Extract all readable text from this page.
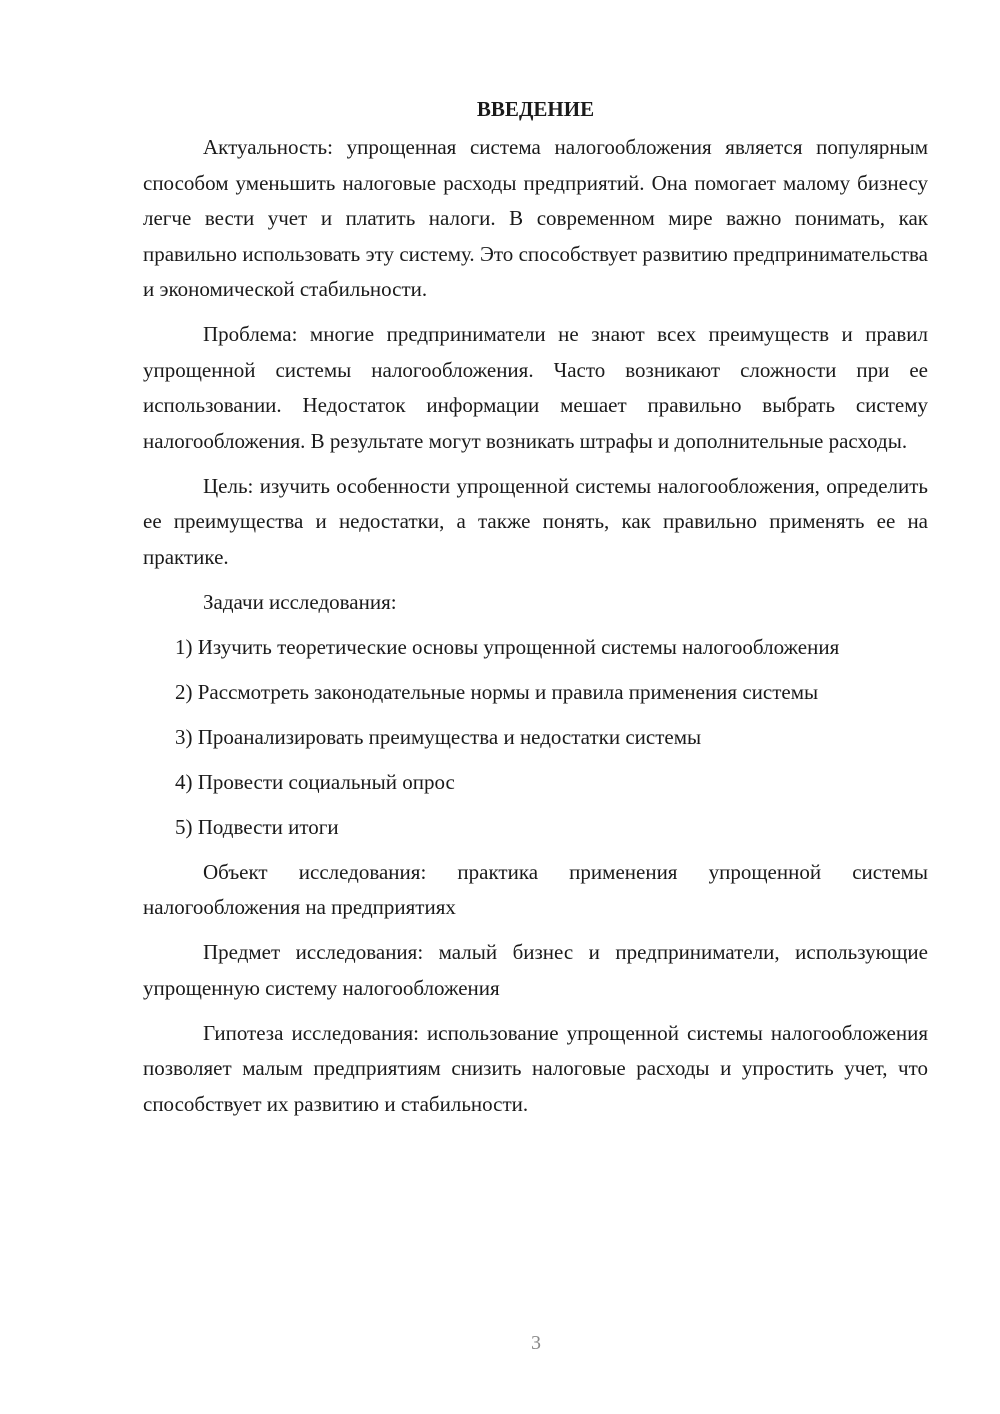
ВВЕДЕНИЕ

Актуальность: упрощенная система налогообложения является популярным способом уменьшить налоговые расходы предприятий. Она помогает малому бизнесу легче вести учет и платить налоги. В современном мире важно понимать, как правильно использовать эту систему. Это способствует развитию предпринимательства и экономической стабильности.

Проблема: многие предприниматели не знают всех преимуществ и правил упрощенной системы налогообложения. Часто возникают сложности при ее использовании. Недостаток информации мешает правильно выбрать систему налогообложения. В результате могут возникать штрафы и дополнительные расходы.

Цель: изучить особенности упрощенной системы налогообложения, определить ее преимущества и недостатки, а также понять, как правильно применять ее на практике.

Задачи исследования:

1) Изучить теоретические основы упрощенной системы налогообложения

2) Рассмотреть законодательные нормы и правила применения системы

3) Проанализировать преимущества и недостатки системы

4) Провести социальный опрос

5) Подвести итоги

Объект исследования: практика применения упрощенной системы налогообложения на предприятиях

Предмет исследования: малый бизнес и предприниматели, использующие упрощенную систему налогообложения

Гипотеза исследования: использование упрощенной системы налогообложения позволяет малым предприятиям снизить налоговые расходы и упростить учет, что способствует их развитию и стабильности.

3
